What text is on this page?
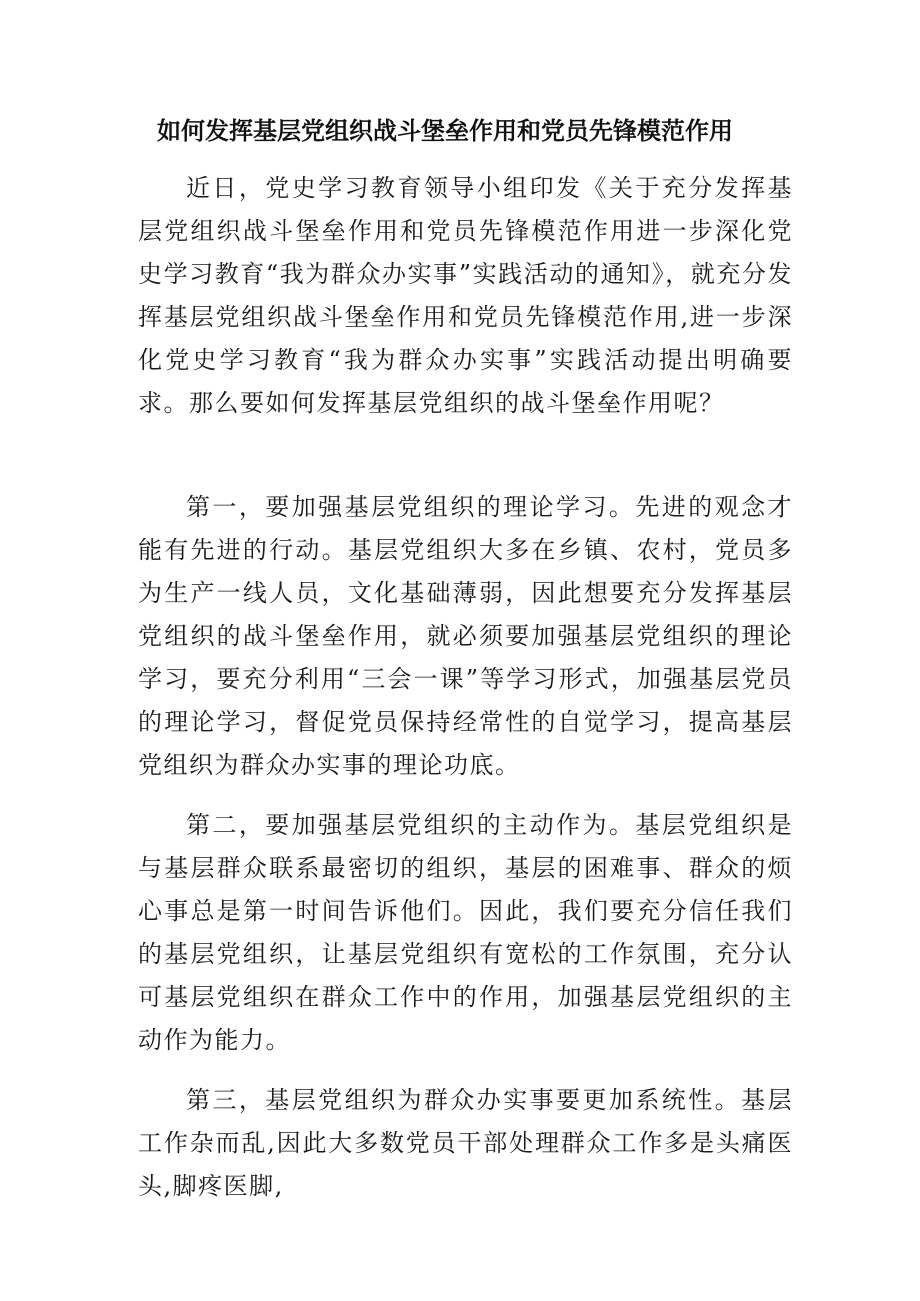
如何发挥基层党组织战斗堡垒作用和党员先锋模范作用

近日，党史学习教育领导小组印发《关于充分发挥基层党组织战斗堡垒作用和党员先锋模范作用进一步深化党史学习教育“我为群众办实事”实践活动的通知》，就充分发挥基层党组织战斗堡垒作用和党员先锋模范作用,进一步深化党史学习教育“我为群众办实事”实践活动提出明确要求。那么要如何发挥基层党组织的战斗堡垒作用呢？

第一，要加强基层党组织的理论学习。先进的观念才能有先进的行动。基层党组织大多在乡镇、农村，党员多为生产一线人员，文化基础薄弱，因此想要充分发挥基层党组织的战斗堡垒作用，就必须要加强基层党组织的理论学习，要充分利用“三会一课”等学习形式，加强基层党员的理论学习，督促党员保持经常性的自觉学习，提高基层党组织为群众办实事的理论功底。

第二，要加强基层党组织的主动作为。基层党组织是与基层群众联系最密切的组织，基层的困难事、群众的烦心事总是第一时间告诉他们。因此，我们要充分信任我们的基层党组织，让基层党组织有宽松的工作氛围，充分认可基层党组织在群众工作中的作用，加强基层党组织的主动作为能力。

第三，基层党组织为群众办实事要更加系统性。基层工作杂而乱,因此大多数党员干部处理群众工作多是头痛医头,脚疼医脚,
